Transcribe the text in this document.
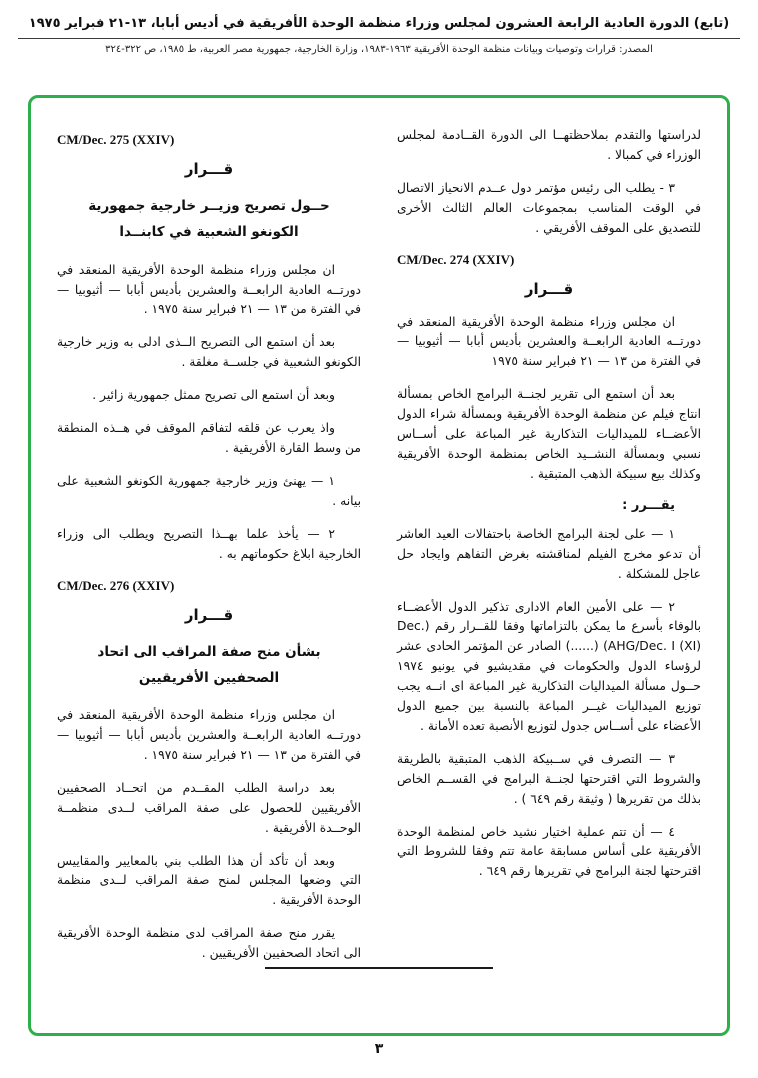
(تابع) الدورة العادية الرابعة العشرون لمجلس وزراء منظمة الوحدة الأفريقية في أديس أبابا، ١٣-٢١ فبراير ١٩٧٥
المصدر: قرارات وتوصيات وبيانات منظمة الوحدة الأفريقية ١٩٦٣-١٩٨٣، وزارة الخارجية، جمهورية مصر العربية، ط ١٩٨٥، ص ٣٢٢-٣٢٤

لدراستها والتقدم بملاحظتهــا الى الدورة القــادمة لمجلس الوزراء في كمبالا .

٣ - يطلب الى رئيس مؤتمر دول عــدم الانحياز الاتصال في الوقت المناسب بمجموعات العالم الثالث الأخرى للتصديق على الموقف الأفريقي .

CM/Dec. 274 (XXIV)
قـــرار

ان مجلس وزراء منظمة الوحدة الأفريقية المنعقد في دورتــه العادية الرابعــة والعشرين بأديس أبابا — أثيوبيا — في الفترة من ١٣ — ٢١ فبراير سنة ١٩٧٥

بعد أن استمع الى تقرير لجنــة البرامج الخاص بمسألة انتاج فيلم عن منظمة الوحدة الأفريقية وبمسألة شراء الدول الأعضــاء للميداليات التذكارية غير المباعة على أســاس نسبي وبمسألة النشــيد الخاص بمنظمة الوحدة الأفريقية وكذلك بيع سبيكة الذهب المتبقية .

يقـــرر :

١ — على لجنة البرامج الخاصة باحتفالات العيد العاشر أن تدعو مخرج الفيلم لمناقشته بغرض التفاهم وايجاد حل عاجل للمشكلة .

٢ — على الأمين العام الادارى تذكير الدول الأعضــاء بالوفاء بأسرع ما يمكن بالتزاماتها وفقا للقــرار رقم (Dec. AHG/Dec. I (XI)) (......) الصادر عن المؤتمر الحادى عشر لرؤساء الدول والحكومات في مقديشيو في يونيو ١٩٧٤ حــول مسألة الميداليات التذكارية غير المباعة اى انــه يجب توزيع الميداليات غيــر المباعة بالنسبة بين جميع الدول الأعضاء على أســاس جدول لتوزيع الأنصبة تعده الأمانة .

٣ — التصرف في ســبيكة الذهب المتبقية بالطريقة والشروط التي اقترحتها لجنــة البرامج في القســم الخاص بذلك من تقريرها ( وثيقة رقم ٦٤٩ ) .

٤ — أن تتم عملية اختيار نشيد خاص لمنظمة الوحدة الأفريقية على أساس مسابقة عامة تتم وفقا للشروط التي اقترحتها لجنة البرامج في تقريرها رقم ٦٤٩ .

CM/Dec. 275 (XXIV)
قـــرار
حــول تصريح وزيــر خارجية جمهورية
الكونغو الشعبية في كابنــدا

ان مجلس وزراء منظمة الوحدة الأفريقية المنعقد في دورتــه العادية الرابعــة والعشرين بأديس أبابا — أثيوبيا — في الفترة من ١٣ — ٢١ فبراير سنة ١٩٧٥ .

بعد أن استمع الى التصريح الــذى ادلى به وزير خارجية الكونغو الشعبية في جلســة مغلقة .

وبعد أن استمع الى تصريح ممثل جمهورية زائير .

واذ يعرب عن قلقه لتفاقم الموقف في هــذه المنطقة من وسط القارة الأفريقية .

١ — يهنئ وزير خارجية جمهورية الكونغو الشعبية على بيانه .

٢ — يأخذ علما بهــذا التصريح ويطلب الى وزراء الخارجية ابلاغ حكوماتهم به .

CM/Dec. 276 (XXIV)
قـــرار
بشأن منح صفة المراقب الى اتحاد
الصحفيين الأفريقيين

ان مجلس وزراء منظمة الوحدة الأفريقية المنعقد في دورتــه العادية الرابعــة والعشرين بأديس أبابا — أثيوبيا — في الفترة من ١٣ — ٢١ فبراير سنة ١٩٧٥ .

بعد دراسة الطلب المقــدم من اتحــاد الصحفيين الأفريقيين للحصول على صفة المراقب لــدى منظمــة الوحــدة الأفريقية .

وبعد أن تأكد أن هذا الطلب بني بالمعايير والمقاييس التي وضعها المجلس لمنح صفة المراقب لــدى منظمة الوحدة الأفريقية .

يقرر منح صفة المراقب لدى منظمة الوحدة الأفريقية الى اتحاد الصحفيين الأفريقيين .

٣
